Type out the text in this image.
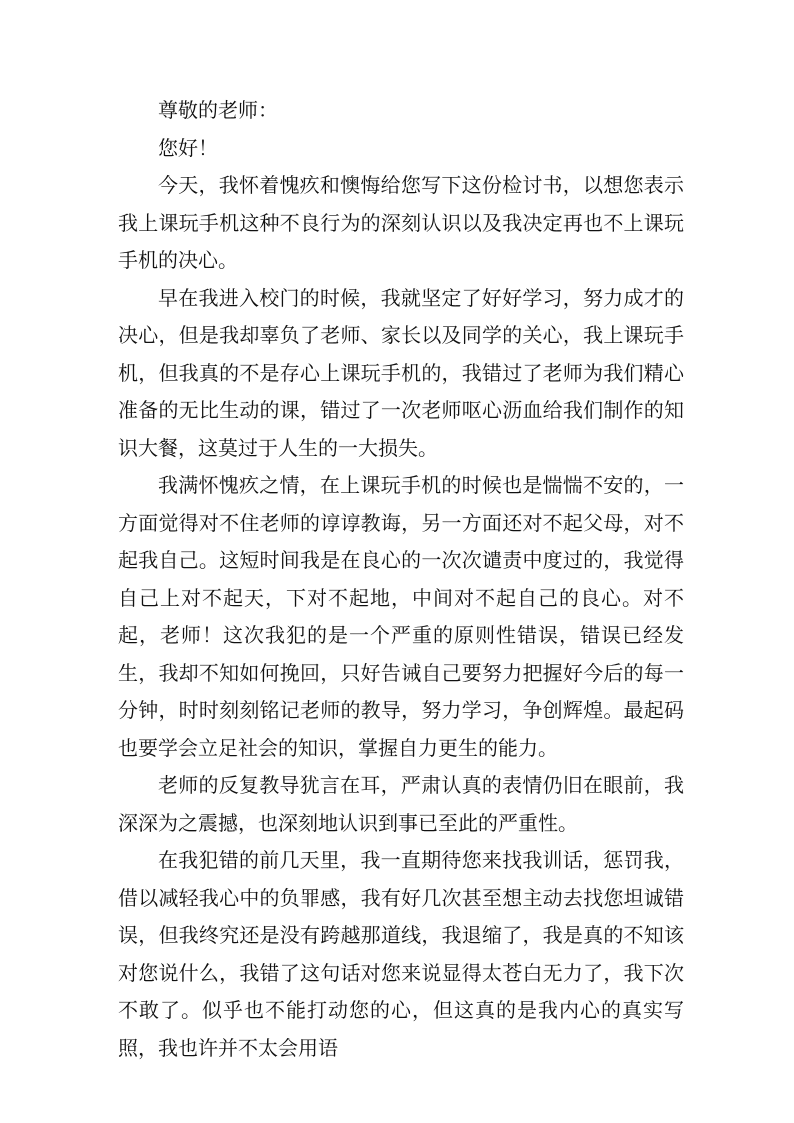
尊敬的老师：

您好！

今天，我怀着愧疚和懊悔给您写下这份检讨书，以想您表示我上课玩手机这种不良行为的深刻认识以及我决定再也不上课玩手机的决心。

早在我进入校门的时候，我就坚定了好好学习，努力成才的决心，但是我却辜负了老师、家长以及同学的关心，我上课玩手机，但我真的不是存心上课玩手机的，我错过了老师为我们精心准备的无比生动的课，错过了一次老师呕心沥血给我们制作的知识大餐，这莫过于人生的一大损失。

我满怀愧疚之情，在上课玩手机的时候也是惴惴不安的，一方面觉得对不住老师的谆谆教诲，另一方面还对不起父母，对不起我自己。这短时间我是在良心的一次次谴责中度过的，我觉得自己上对不起天，下对不起地，中间对不起自己的良心。对不起，老师！这次我犯的是一个严重的原则性错误，错误已经发生，我却不知如何挽回，只好告诫自己要努力把握好今后的每一分钟，时时刻刻铭记老师的教导，努力学习，争创辉煌。最起码也要学会立足社会的知识，掌握自力更生的能力。

老师的反复教导犹言在耳，严肃认真的表情仍旧在眼前，我深深为之震撼，也深刻地认识到事已至此的严重性。

在我犯错的前几天里，我一直期待您来找我训话，惩罚我，借以减轻我心中的负罪感，我有好几次甚至想主动去找您坦诚错误，但我终究还是没有跨越那道线，我退缩了，我是真的不知该对您说什么，我错了这句话对您来说显得太苍白无力了，我下次不敢了。似乎也不能打动您的心，但这真的是我内心的真实写照，我也许并不太会用语
